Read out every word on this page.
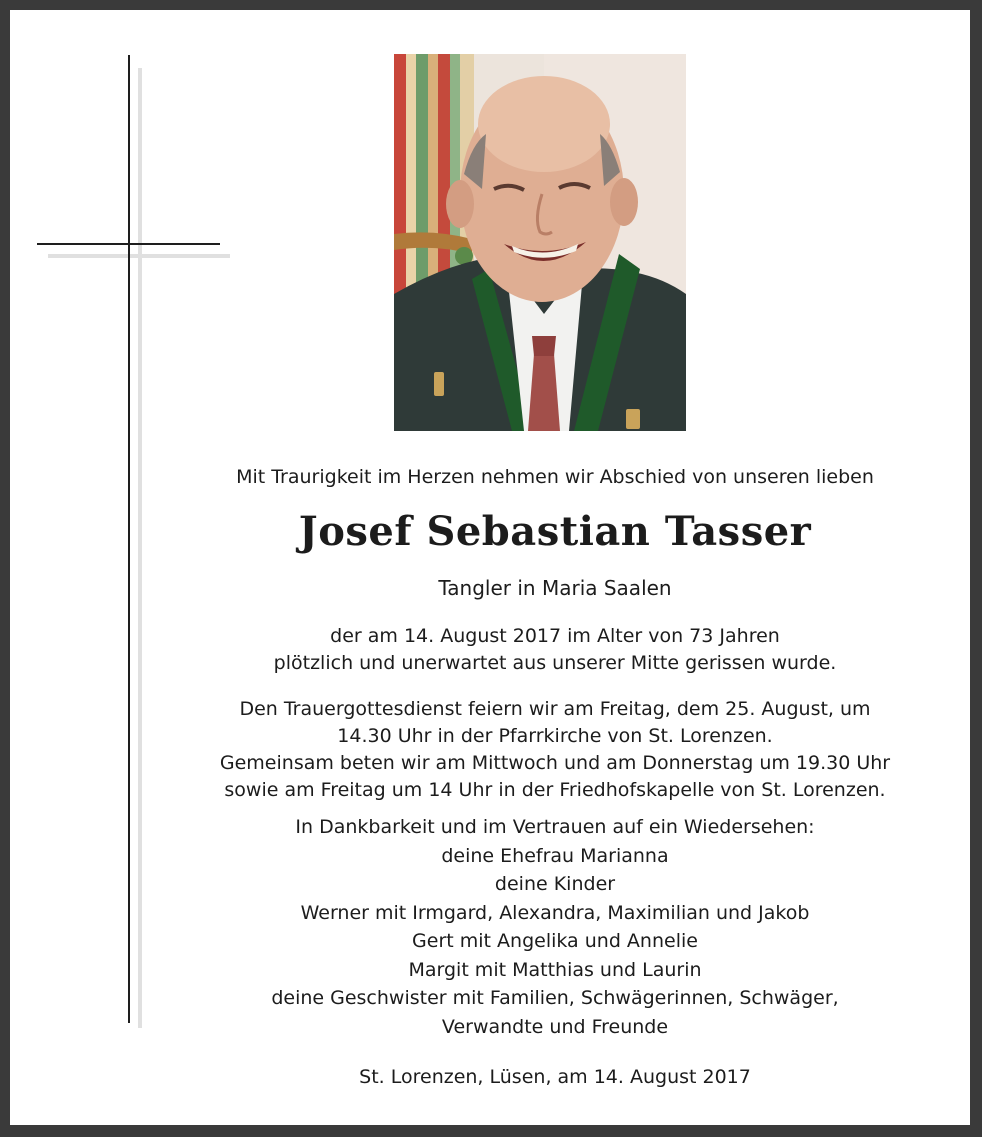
Mit Traurigkeit im Herzen nehmen wir Abschied von unseren lieben
Josef Sebastian Tasser
Tangler in Maria Saalen
der am 14. August 2017 im Alter von 73 Jahren
plötzlich und unerwartet aus unserer Mitte gerissen wurde.
Den Trauergottesdienst feiern wir am Freitag, dem 25. August, um
14.30 Uhr in der Pfarrkirche von St. Lorenzen.
Gemeinsam beten wir am Mittwoch und am Donnerstag um 19.30 Uhr
sowie am Freitag um 14 Uhr in der Friedhofskapelle von St. Lorenzen.
In Dankbarkeit und im Vertrauen auf ein Wiedersehen:
deine Ehefrau Marianna
deine Kinder
Werner mit Irmgard, Alexandra, Maximilian und Jakob
Gert mit Angelika und Annelie
Margit mit Matthias und Laurin
deine Geschwister mit Familien, Schwägerinnen, Schwäger,
Verwandte und Freunde
St. Lorenzen, Lüsen, am 14. August 2017
